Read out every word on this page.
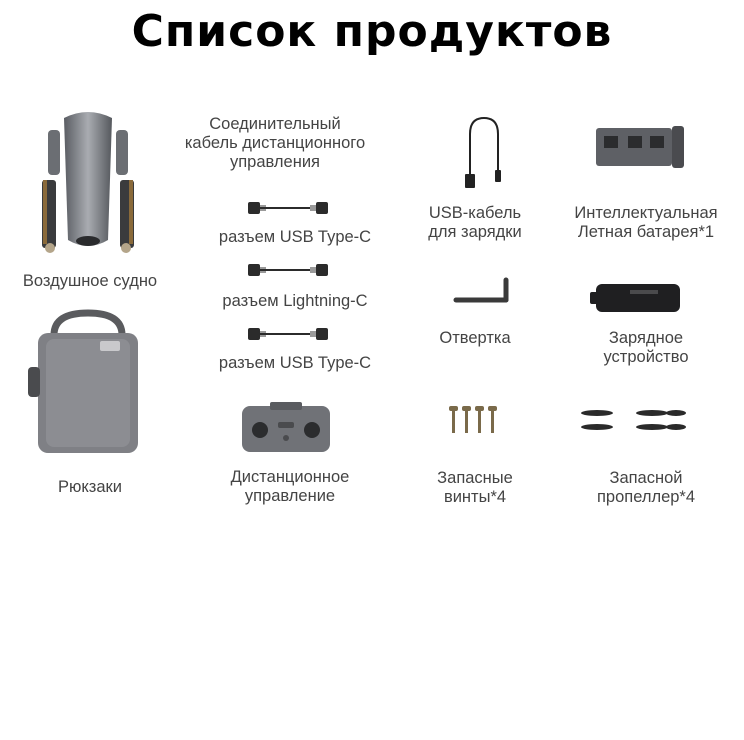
Список продуктов
Воздушное судно
Рюкзаки
Соединительный
кабель дистанционного
управления
разъем USB Type-C
разъем Lightning-C
разъем USB Type-C
Дистанционное
управление
USB-кабель
для зарядки
Отвертка
Запасные
винты*4
Интеллектуальная
Летная батарея*1
Зарядное
устройство
Запасной
пропеллер*4
